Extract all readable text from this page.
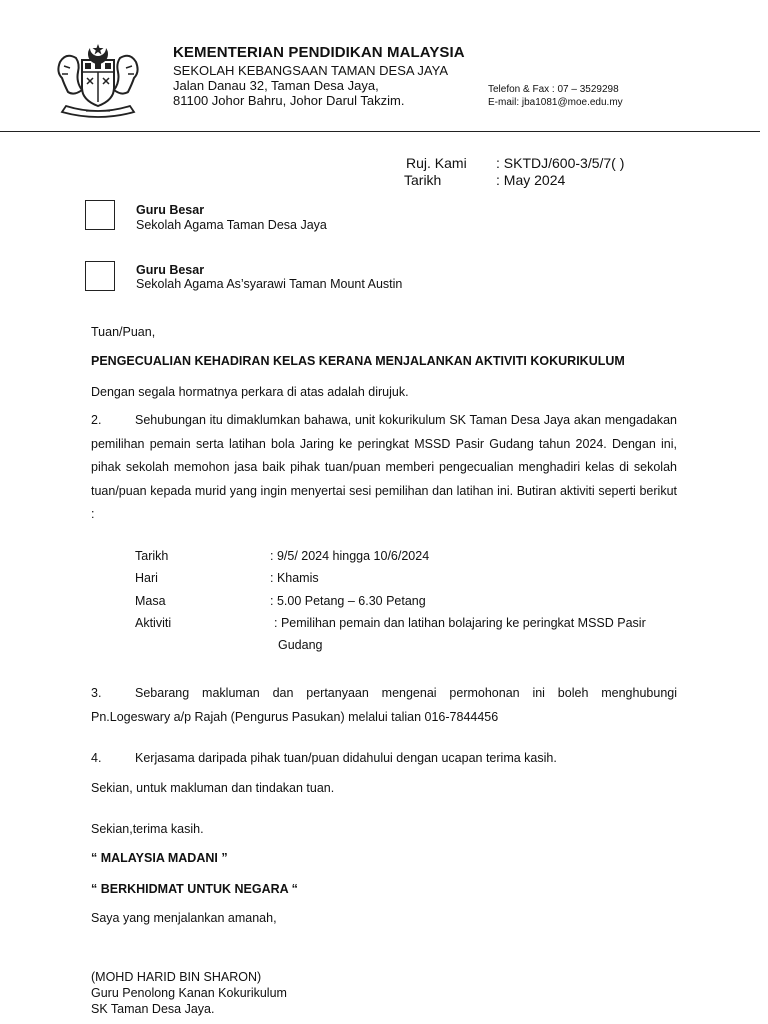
KEMENTERIAN PENDIDIKAN MALAYSIA
SEKOLAH KEBANGSAAN TAMAN DESA JAYA
Jalan Danau 32, Taman Desa Jaya,
81100 Johor Bahru, Johor Darul Takzim.
Telefon & Fax : 07 – 3529298
E-mail: jba1081@moe.edu.my
Ruj. Kami : SKTDJ/600-3/5/7( )
Tarikh	: May 2024
Guru Besar
Sekolah Agama Taman Desa Jaya
Guru Besar
Sekolah Agama As’syarawi Taman Mount Austin
Tuan/Puan,
PENGECUALIAN KEHADIRAN KELAS KERANA MENJALANKAN AKTIVITI KOKURIKULUM
Dengan segala hormatnya perkara di atas adalah dirujuk.
2.	Sehubungan itu dimaklumkan bahawa, unit kokurikulum SK Taman Desa Jaya akan mengadakan pemilihan pemain serta latihan bola Jaring ke peringkat MSSD Pasir Gudang tahun 2024. Dengan ini, pihak sekolah memohon jasa baik pihak tuan/puan memberi pengecualian menghadiri kelas di sekolah tuan/puan kepada murid yang ingin menyertai sesi pemilihan dan latihan ini. Butiran aktiviti seperti berikut :
Tarikh	: 9/5/ 2024 hingga 10/6/2024
Hari	: Khamis
Masa	: 5.00 Petang – 6.30 Petang
Aktiviti	: Pemilihan pemain dan latihan bolajaring ke peringkat MSSD Pasir
Gudang
3.	Sebarang makluman dan pertanyaan mengenai permohonan ini boleh menghubungi Pn.Logeswary a/p Rajah (Pengurus Pasukan) melalui talian 016-7844456
4.	Kerjasama daripada pihak tuan/puan didahului dengan ucapan terima kasih.
Sekian, untuk makluman dan tindakan tuan.
Sekian,terima kasih.
“ MALAYSIA MADANI ”
“ BERKHIDMAT UNTUK NEGARA “
Saya yang menjalankan amanah,
(MOHD HARID BIN SHARON)
Guru Penolong Kanan Kokurikulum
SK Taman Desa Jaya.
